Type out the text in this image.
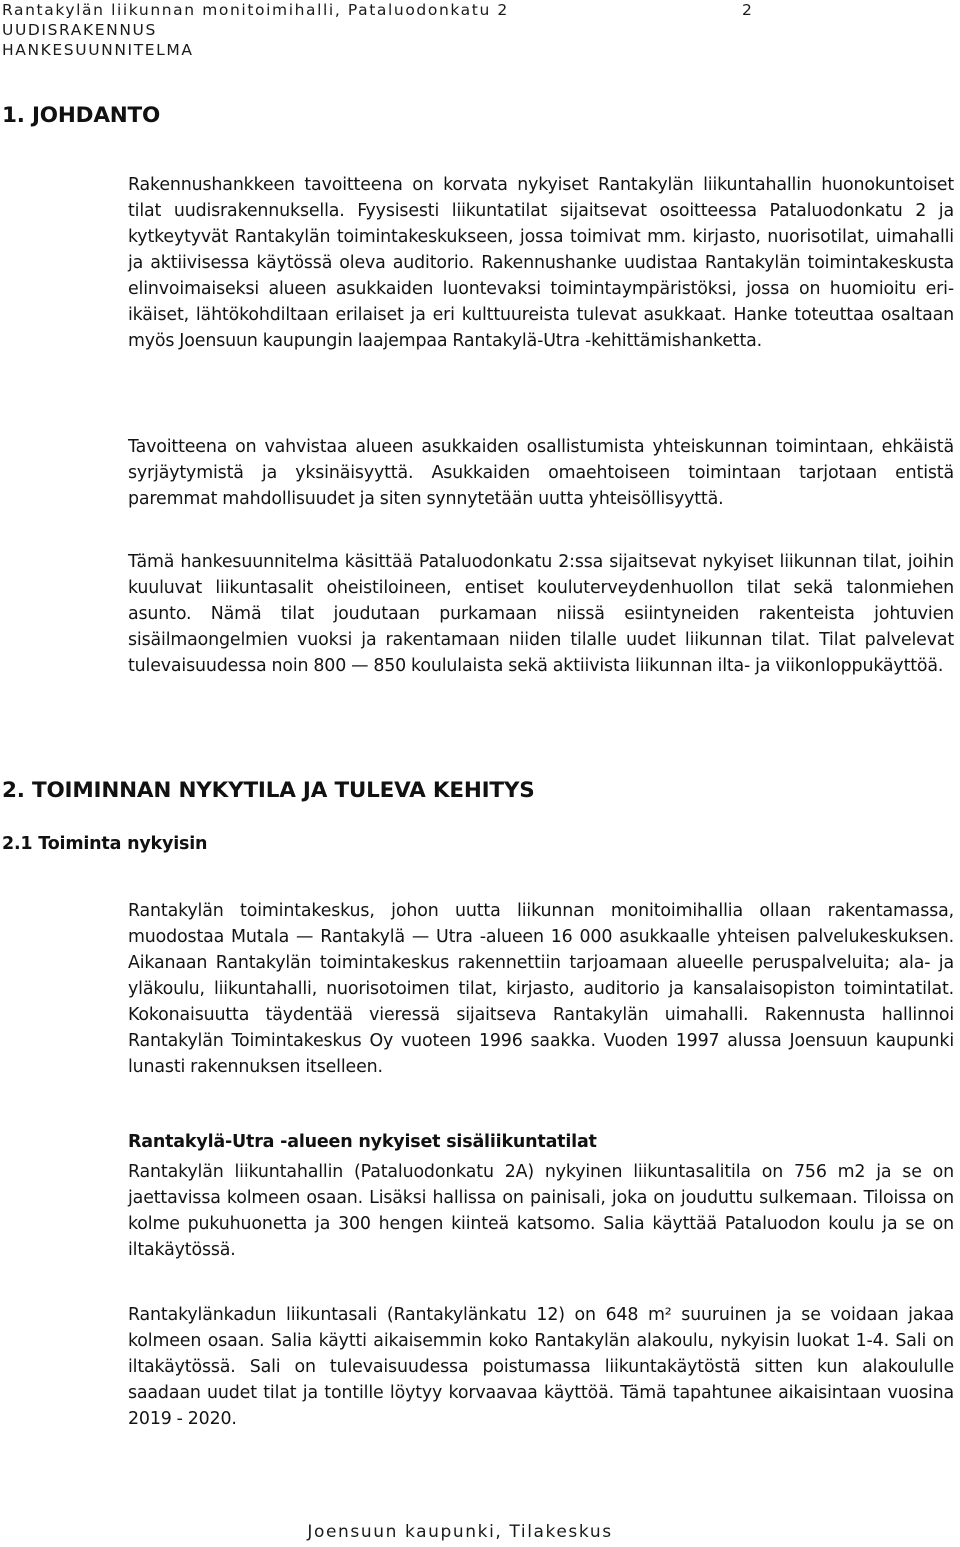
Rantakylän liikunnan monitoimihalli, Pataluodonkatu 2	2
UUDISRAKENNUS
HANKESUUNNITELMA
1. JOHDANTO

Rakennushankkeen tavoitteena on korvata nykyiset Rantakylän liikuntahallin huonokuntoiset tilat uudisrakennuksella. Fyysisesti liikuntatilat sijaitsevat osoitteessa Pataluodonkatu 2 ja kytkeytyvät Rantakylän toimintakeskukseen, jossa toimivat mm. kirjasto, nuorisotilat, uimahalli ja aktiivisessa käytössä oleva auditorio. Rakennushanke uudistaa Rantakylän toimintakeskusta elinvoimaiseksi alueen asukkaiden luontevaksi toimintaympäristöksi, jossa on huomioitu eri-ikäiset, lähtökohdiltaan erilaiset ja eri kulttuureista tulevat asukkaat. Hanke toteuttaa osaltaan myös Joensuun kaupungin laajempaa Rantakylä-Utra -kehittämishanketta.

Tavoitteena on vahvistaa alueen asukkaiden osallistumista yhteiskunnan toimintaan, ehkäistä syrjäytymistä ja yksinäisyyttä. Asukkaiden omaehtoiseen toimintaan tarjotaan entistä paremmat mahdollisuudet ja siten synnytetään uutta yhteisöllisyyttä.

Tämä hankesuunnitelma käsittää Pataluodonkatu 2:ssa sijaitsevat nykyiset liikunnan tilat, joihin kuuluvat liikuntasalit oheistiloineen, entiset kouluterveydenhuollon tilat sekä talonmiehen asunto. Nämä tilat joudutaan purkamaan niissä esiintyneiden rakenteista johtuvien sisäilmaongelmien vuoksi ja rakentamaan niiden tilalle uudet liikunnan tilat. Tilat palvelevat tulevaisuudessa noin 800 — 850 koululaista sekä aktiivista liikunnan ilta- ja viikonloppukäyttöä.

2. TOIMINNAN NYKYTILA JA TULEVA KEHITYS
2.1 Toiminta nykyisin

Rantakylän toimintakeskus, johon uutta liikunnan monitoimihallia ollaan rakentamassa, muodostaa Mutala — Rantakylä — Utra -alueen 16 000 asukkaalle yhteisen palvelukeskuksen. Aikanaan Rantakylän toimintakeskus rakennettiin tarjoamaan alueelle peruspalveluita; ala- ja yläkoulu, liikuntahalli, nuorisotoimen tilat, kirjasto, auditorio ja kansalaisopiston toimintatilat. Kokonaisuutta täydentää vieressä sijaitseva Rantakylän uimahalli. Rakennusta hallinnoi Rantakylän Toimintakeskus Oy vuoteen 1996 saakka. Vuoden 1997 alussa Joensuun kaupunki lunasti rakennuksen itselleen.

Rantakylä-Utra -alueen nykyiset sisäliikuntatilat

Rantakylän liikuntahallin (Pataluodonkatu 2A) nykyinen liikuntasalitila on 756 m2 ja se on jaettavissa kolmeen osaan. Lisäksi hallissa on painisali, joka on jouduttu sulkemaan. Tiloissa on kolme pukuhuonetta ja 300 hengen kiinteä katsomo. Salia käyttää Pataluodon koulu ja se on iltakäytössä.

Rantakylänkadun liikuntasali (Rantakylänkatu 12) on 648 m² suuruinen ja se voidaan jakaa kolmeen osaan. Salia käytti aikaisemmin koko Rantakylän alakoulu, nykyisin luokat 1-4. Sali on iltakäytössä. Sali on tulevaisuudessa poistumassa liikuntakäytöstä sitten kun alakoululle saadaan uudet tilat ja tontille löytyy korvaavaa käyttöä. Tämä tapahtunee aikaisintaan vuosina 2019 - 2020.

Joensuun kaupunki, Tilakeskus
